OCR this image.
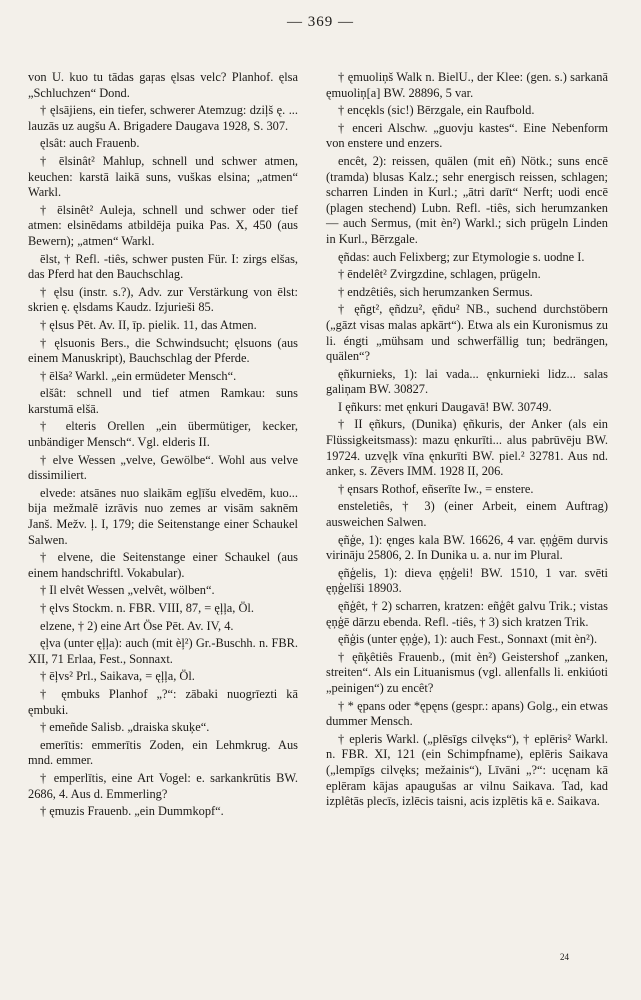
— 369 —

von U. kuo tu tādas gaŗas ęlsas velc? Planhof. ęlsa „Schluchzen“ Dond.

† ęlsājiens, ein tiefer, schwerer Atemzug: dziļš ę. ... lauzās uz augšu A. Brigadere Daugava 1928, S. 307.

ęlsât: auch Frauenb.

† ēlsinât² Mahlup, schnell und schwer atmen, keuchen: karstā laikā suns, vuškas elsina; „atmen“ Warkl.

† ēlsinêt² Auleja, schnell und schwer oder tief atmen: elsinēdams atbildēja puika Pas. X, 450 (aus Bewern); „atmen“ Warkl.

ēlst, † Refl. -tiês, schwer pusten Für. I: zirgs elšas, das Pferd hat den Bauchschlag.

† ęlsu (instr. s.?), Adv. zur Verstärkung von ēlst: skrien ę. ęlsdams Kaudz. Izjurieši 85.

† ęlsus Pēt. Av. II, īp. pielik. 11, das Atmen.

† ęlsuonis Bers., die Schwindsucht; ęlsuons (aus einem Manuskript), Bauchschlag der Pferde.

† ēlša² Warkl. „ein ermüdeter Mensch“.

elšât: schnell und tief atmen Ramkau: suns karstumā elšā.

† elteris Orellen „ein übermütiger, kecker, unbändiger Mensch“. Vgl. elderis II.

† elve Wessen „velve, Gewölbe“. Wohl aus velve dissimiliert.

elvede: atsānes nuo slaikām egļīšu elvedēm, kuo... bija mežmalē izrāvis nuo zemes ar visām saknēm Janš. Mežv. ļ. I, 179; die Seitenstange einer Schaukel Salwen.

† elvene, die Seitenstange einer Schaukel (aus einem handschriftl. Vokabular).

† Il elvêt Wessen „velvêt, wölben“.

† ęlvs Stockm. n. FBR. VIII, 87, = ęļļa, Öl.

elzene, † 2) eine Art Öse Pēt. Av. IV, 4.

ęļva (unter ęļļa): auch (mit èļ²) Gr.-Buschh. n. FBR. XII, 71 Erlaa, Fest., Sonnaxt.

† ēļvs² Prl., Saikava, = ęļļa, Öl.

† ęmbuks Planhof „?“: zābaki nuogrīezti kā ęmbuki.

† emeñde Salisb. „draiska skuķe“.

emerītis: emmerītis Zoden, ein Lehmkrug. Aus mnd. emmer.

† emperlītis, eine Art Vogel: e. sarkankrūtis BW. 2686, 4. Aus d. Emmerling?

† ęmuzis Frauenb. „ein Dummkopf“.

† ęmuoliņš Walk n. BielU., der Klee: (gen. s.) sarkanā ęmuoliņ[a] BW. 28896, 5 var.

† encękls (sic!) Bērzgale, ein Raufbold.

† enceri Alschw. „guovju kastes“. Eine Nebenform von enstere und enzers.

encêt, 2): reissen, quälen (mit eñ) Nötk.; suns encē (tramda) blusas Kalz.; sehr energisch reissen, schlagen; scharren Linden in Kurl.; „ātri darīt“ Nerft; uodi encē (plagen stechend) Lubn. Refl. -tiês, sich herumzanken — auch Sermus, (mit èn²) Warkl.; sich prügeln Linden in Kurl., Bērzgale.

ęñdas: auch Felixberg; zur Etymologie s. uodne I.

† ēndelêt² Zvirgzdine, schlagen, prügeln.

† endzêtiês, sich herumzanken Sermus.

† ęñgt², ęñdzu², ęñdu² NB., suchend durchstöbern („gāzt visas malas apkārt“). Etwa als ein Kuronismus zu li. éngti „mühsam und schwerfällig tun; bedrängen, quälen“?

ęñkurnieks, 1): lai vada... ęnkurnieki lidz... salas galiņam BW. 30827.

I ęñkurs: met ęnkuri Daugavā! BW. 30749.

† II ęñkurs, (Dunika) ęñkuris, der Anker (als ein Flüssigkeitsmass): mazu ęnkurīti... alus pabrūvēju BW. 19724. uzvęļk vīna ęnkurīti BW. piel.² 32781. Aus nd. anker, s. Zēvers IMM. 1928 II, 206.

† ęnsars Rothof, eñserīte Iw., = enstere.

ensteletiês, † 3) (einer Arbeit, einem Auftrag) ausweichen Salwen.

ęñģe, 1): ęnges kala BW. 16626, 4 var. ęņģēm durvis virināju 25806, 2. In Dunika u. a. nur im Plural.

ęñģelis, 1): dieva ęņģeli! BW. 1510, 1 var. svēti ęņģelīši 18903.

ęñģêt, † 2) scharren, kratzen: eñģêt galvu Trik.; vistas ęņģē dārzu ebenda. Refl. -tiês, † 3) sich kratzen Trik.

ęñģis (unter ęņģe), 1): auch Fest., Sonnaxt (mit èn²).

† ęñķêtiês Frauenb., (mit èn²) Geistershof „zanken, streiten“. Als ein Lituanismus (vgl. allenfalls li. enkiúoti „peinigen“) zu encêt?

† * ępans oder *ępęns (gespr.: apans) Golg., ein etwas dummer Mensch.

† epleris Warkl. („plēsīgs cilvęks“), † eplēris² Warkl. n. FBR. XI, 121 (ein Schimpfname), eplēris Saikava („lempīgs cilvęks; mežainis“), Līvāni „?“: ucęnam kā eplēram kājas apaugušas ar vilnu Saikava. Tad, kad izplêtās plecīs, izlēcis taisni, acis izplētis kā e. Saikava.

24
